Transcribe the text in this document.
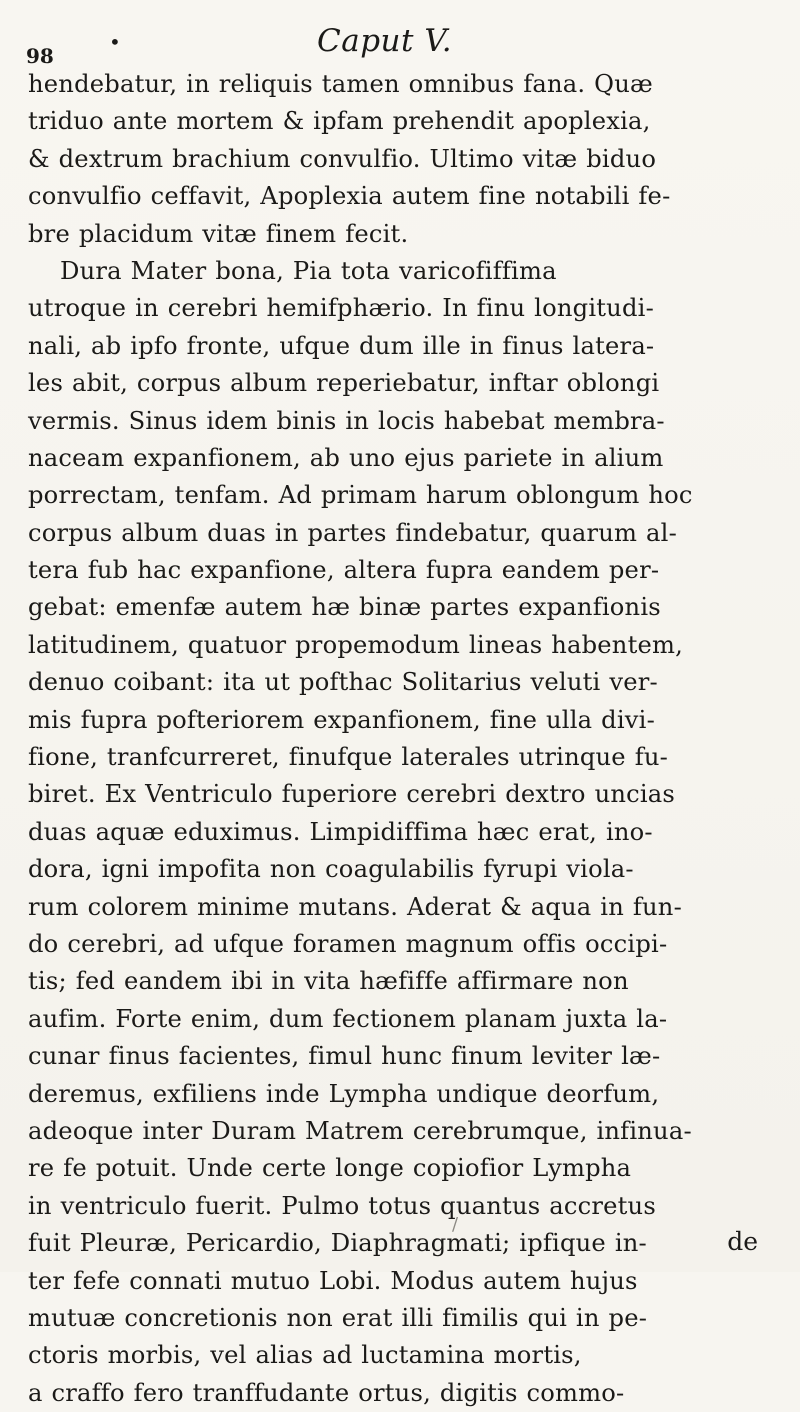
98
•	Caput V.
hendebatur, in reliquis tamen omnibus fana. Quæ
triduo ante mortem & ipfam prehendit apoplexia,
& dextrum brachium convulfio. Ultimo vitæ biduo
convulfio ceffavit, Apoplexia autem fine notabili fe-
bre placidum vitæ finem fecit.
Dura Mater bona, Pia tota varicofiffima
utroque in cerebri hemifphærio. In finu longitudi-
nali, ab ipfo fronte, ufque dum ille in finus latera-
les abit, corpus album reperiebatur, inftar oblongi
vermis. Sinus idem binis in locis habebat membra-
naceam expanfionem, ab uno ejus pariete in alium
porrectam, tenfam. Ad primam harum oblongum hoc
corpus album duas in partes findebatur, quarum al-
tera fub hac expanfione, altera fupra eandem per-
gebat: emenfæ autem hæ binæ partes expanfionis
latitudinem, quatuor propemodum lineas habentem,
denuo coibant: ita ut pofthac Solitarius veluti ver-
mis fupra pofteriorem expanfionem, fine ulla divi-
fione, tranfcurreret, finufque laterales utrinque fu-
biret. Ex Ventriculo fuperiore cerebri dextro uncias
duas aquæ eduximus. Limpidiffima hæc erat, ino-
dora, igni impofita non coagulabilis fyrupi viola-
rum colorem minime mutans. Aderat & aqua in fun-
do cerebri, ad ufque foramen magnum offis occipi-
tis; fed eandem ibi in vita hæfiffe affirmare non
aufim. Forte enim, dum fectionem planam juxta la-
cunar finus facientes, fimul hunc finum leviter læ-
deremus, exfiliens inde Lympha undique deorfum,
adeoque inter Duram Matrem cerebrumque, infinua-
re fe potuit. Unde certe longe copiofior Lympha
in ventriculo fuerit. Pulmo totus quantus accretus
fuit Pleuræ, Pericardio, Diaphragmati; ipfique in-
ter fefe connati mutuo Lobi. Modus autem hujus
mutuæ concretionis non erat illi fimilis qui in pe-
ctoris morbis, vel alias ad luctamina mortis,
a craffo fero tranffudante ortus, digitis commo-
/
de
